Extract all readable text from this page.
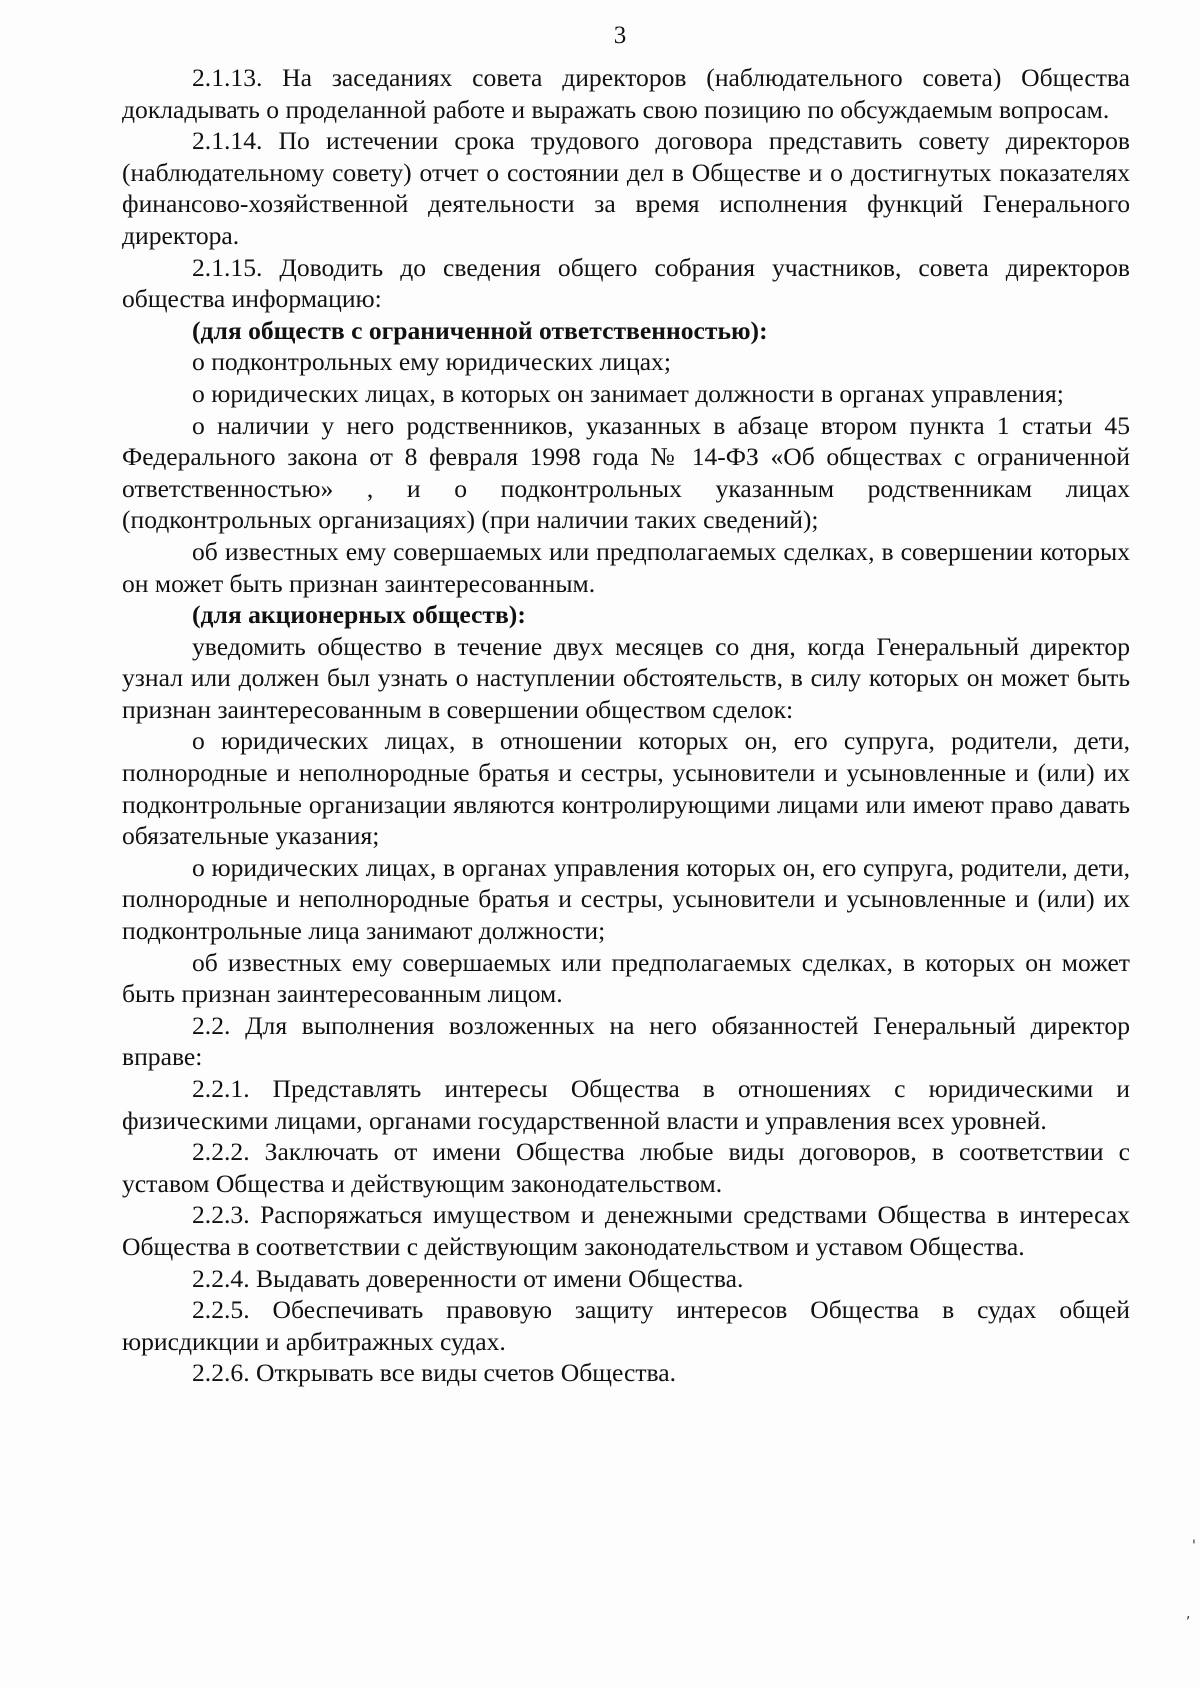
3

2.1.13. На заседаниях совета директоров (наблюдательного совета) Общества докладывать о проделанной работе и выражать свою позицию по обсуждаемым вопросам.

2.1.14. По истечении срока трудового договора представить совету директоров (наблюдательному совету) отчет о состоянии дел в Обществе и о достигнутых показателях финансово-хозяйственной деятельности за время исполнения функций Генерального директора.

2.1.15. Доводить до сведения общего собрания участников, совета директоров общества информацию:

(для обществ с ограниченной ответственностью):

о подконтрольных ему юридических лицах;

о юридических лицах, в которых он занимает должности в органах управления;

о наличии у него родственников, указанных в абзаце втором пункта 1 статьи 45 Федерального закона от 8 февраля 1998 года № 14-ФЗ «Об обществах с ограниченной ответственностью» , и о подконтрольных указанным родственникам лицах (подконтрольных организациях) (при наличии таких сведений);

об известных ему совершаемых или предполагаемых сделках, в совершении которых он может быть признан заинтересованным.

(для акционерных обществ):

уведомить общество в течение двух месяцев со дня, когда Генеральный директор узнал или должен был узнать о наступлении обстоятельств, в силу которых он может быть признан заинтересованным в совершении обществом сделок:

о юридических лицах, в отношении которых он, его супруга, родители, дети, полнородные и неполнородные братья и сестры, усыновители и усыновленные и (или) их подконтрольные организации являются контролирующими лицами или имеют право давать обязательные указания;

о юридических лицах, в органах управления которых он, его супруга, родители, дети, полнородные и неполнородные братья и сестры, усыновители и усыновленные и (или) их подконтрольные лица занимают должности;

об известных ему совершаемых или предполагаемых сделках, в которых он может быть признан заинтересованным лицом.

2.2. Для выполнения возложенных на него обязанностей Генеральный директор вправе:

2.2.1. Представлять интересы Общества в отношениях с юридическими и физическими лицами, органами государственной власти и управления всех уровней.

2.2.2. Заключать от имени Общества любые виды договоров, в соответствии с уставом Общества и действующим законодательством.

2.2.3. Распоряжаться имуществом и денежными средствами Общества в интересах Общества в соответствии с действующим законодательством и уставом Общества.

2.2.4. Выдавать доверенности от имени Общества.

2.2.5. Обеспечивать правовую защиту интересов Общества в судах общей юрисдикции и арбитражных судах.

2.2.6. Открывать все виды счетов Общества.

,
'
